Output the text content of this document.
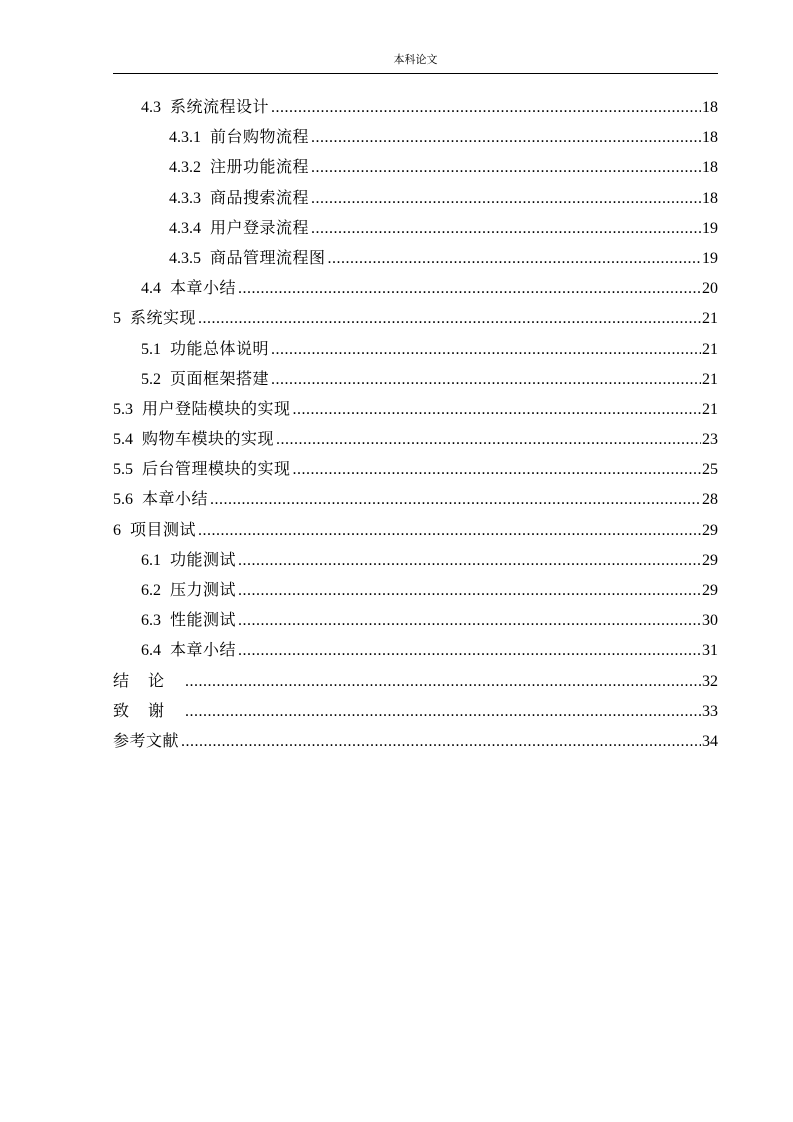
本科论文
4.3 系统流程设计 .....	18
4.3.1 前台购物流程 .....	18
4.3.2 注册功能流程 .....	18
4.3.3 商品搜索流程 .....	18
4.3.4 用户登录流程 .....	19
4.3.5 商品管理流程图 .....	19
4.4 本章小结 .....	20
5 系统实现 .....	21
5.1 功能总体说明 .....	21
5.2 页面框架搭建 .....	21
5.3 用户登陆模块的实现 .....	21
5.4 购物车模块的实现 .....	23
5.5 后台管理模块的实现 .....	25
5.6 本章小结 .....	28
6 项目测试 .....	29
6.1 功能测试 .....	29
6.2 压力测试 .....	29
6.3 性能测试 .....	30
6.4 本章小结 .....	31
结论 .....	32
致谢 .....	33
参考文献 .....	34
